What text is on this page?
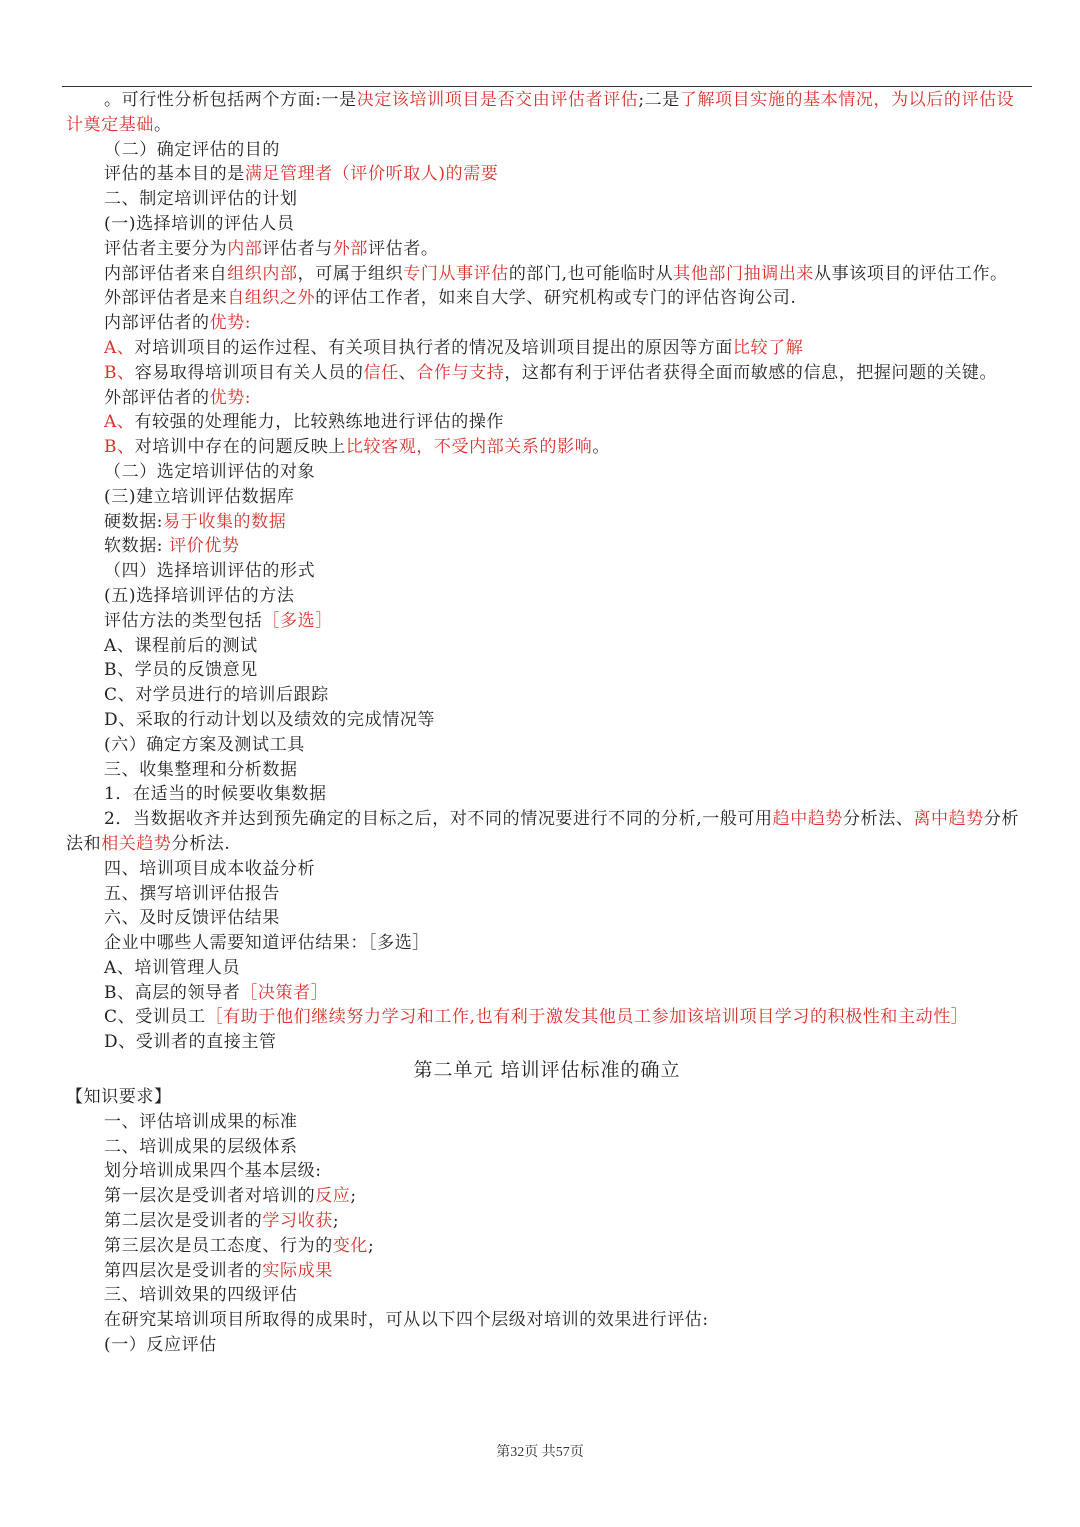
。可行性分析包括两个方面:一是决定该培训项目是否交由评估者评估;二是了解项目实施的基本情况，为以后的评估设计奠定基础。
（二）确定评估的目的
评估的基本目的是满足管理者（评价听取人)的需要
二、制定培训评估的计划
(一)选择培训的评估人员
评估者主要分为内部评估者与外部评估者。
内部评估者来自组织内部，可属于组织专门从事评估的部门,也可能临时从其他部门抽调出来从事该项目的评估工作。
外部评估者是来自组织之外的评估工作者，如来自大学、研究机构或专门的评估咨询公司.
内部评估者的优势:
A、对培训项目的运作过程、有关项目执行者的情况及培训项目提出的原因等方面比较了解
B、容易取得培训项目有关人员的信任、合作与支持，这都有利于评估者获得全面而敏感的信息，把握问题的关键。
外部评估者的优势:
A、有较强的处理能力，比较熟练地进行评估的操作
B、对培训中存在的问题反映上比较客观，不受内部关系的影响。
（二）选定培训评估的对象
(三)建立培训评估数据库
硬数据:易于收集的数据
软数据: 评价优势
（四）选择培训评估的形式
(五)选择培训评估的方法
评估方法的类型包括［多选］
A、课程前后的测试
B、学员的反馈意见
C、对学员进行的培训后跟踪
D、采取的行动计划以及绩效的完成情况等
(六）确定方案及测试工具
三、收集整理和分析数据
1．在适当的时候要收集数据
2．当数据收齐并达到预先确定的目标之后，对不同的情况要进行不同的分析,一般可用趋中趋势分析法、离中趋势分析法和相关趋势分析法.
四、培训项目成本收益分析
五、撰写培训评估报告
六、及时反馈评估结果
企业中哪些人需要知道评估结果：［多选］
A、培训管理人员
B、高层的领导者［决策者］
C、受训员工［有助于他们继续努力学习和工作,也有利于激发其他员工参加该培训项目学习的积极性和主动性］
D、受训者的直接主管
第二单元 培训评估标准的确立
【知识要求】
一、评估培训成果的标准
二、培训成果的层级体系
划分培训成果四个基本层级:
第一层次是受训者对培训的反应;
第二层次是受训者的学习收获;
第三层次是员工态度、行为的变化;
第四层次是受训者的实际成果
三、培训效果的四级评估
在研究某培训项目所取得的成果时，可从以下四个层级对培训的效果进行评估:
(一）反应评估
第32页 共57页
